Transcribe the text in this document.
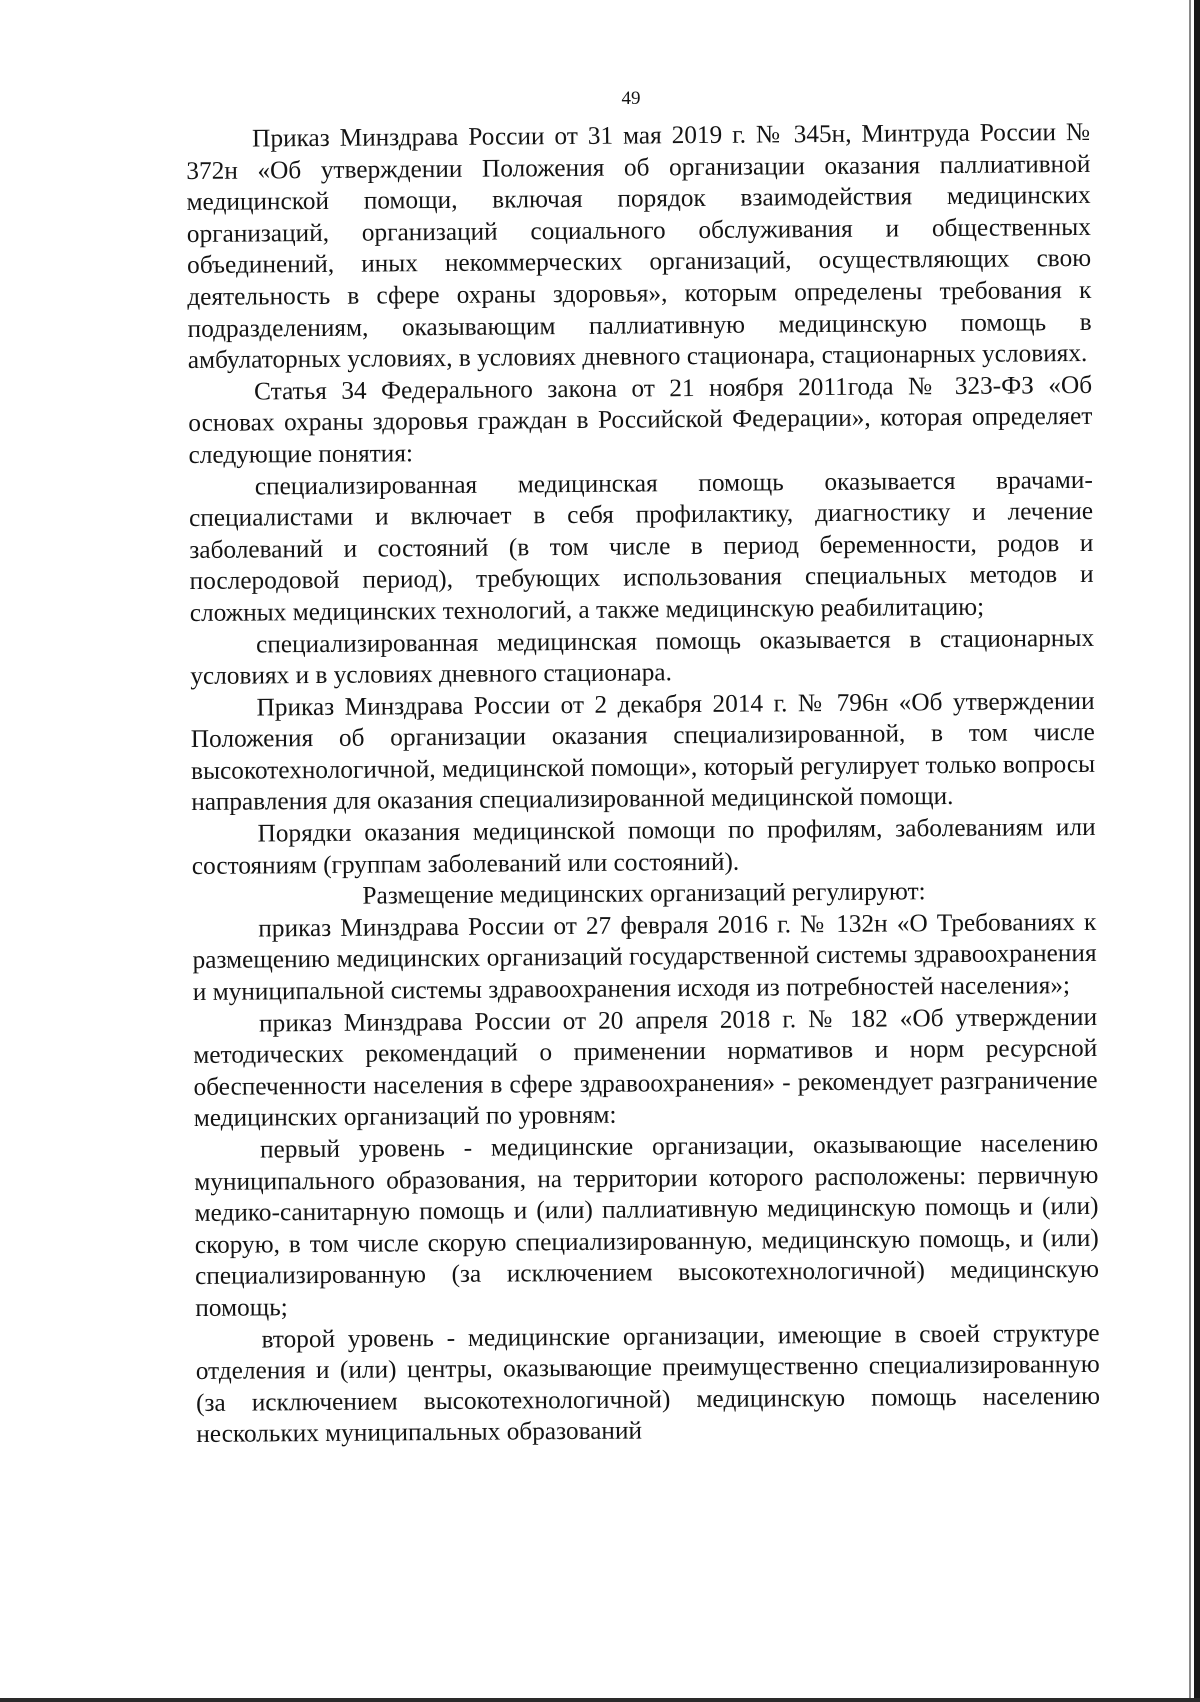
49

Приказ Минздрава России от 31 мая 2019 г. № 345н, Минтруда России № 372н «Об утверждении Положения об организации оказания паллиативной медицинской помощи, включая порядок взаимодействия медицинских организаций, организаций социального обслуживания и общественных объединений, иных некоммерческих организаций, осуществляющих свою деятельность в сфере охраны здоровья», которым определены требования к подразделениям, оказывающим паллиативную медицинскую помощь в амбулаторных условиях, в условиях дневного стационара, стационарных условиях.

Статья 34 Федерального закона от 21 ноября 2011года № 323-ФЗ «Об основах охраны здоровья граждан в Российской Федерации», которая определяет следующие понятия:

специализированная медицинская помощь оказывается врачами-специалистами и включает в себя профилактику, диагностику и лечение заболеваний и состояний (в том числе в период беременности, родов и послеродовой период), требующих использования специальных методов и сложных медицинских технологий, а также медицинскую реабилитацию;

специализированная медицинская помощь оказывается в стационарных условиях и в условиях дневного стационара.

Приказ Минздрава России от 2 декабря 2014 г. № 796н «Об утверждении Положения об организации оказания специализированной, в том числе высокотехнологичной, медицинской помощи», который регулирует только вопросы направления для оказания специализированной медицинской помощи.

Порядки оказания медицинской помощи по профилям, заболеваниям или состояниям (группам заболеваний или состояний).

Размещение медицинских организаций регулируют:

приказ Минздрава России от 27 февраля 2016 г. № 132н «О Требованиях к размещению медицинских организаций государственной системы здравоохранения и муниципальной системы здравоохранения исходя из потребностей населения»;

приказ Минздрава России от 20 апреля 2018 г. № 182 «Об утверждении методических рекомендаций о применении нормативов и норм ресурсной обеспеченности населения в сфере здравоохранения» - рекомендует разграничение медицинских организаций по уровням:

первый уровень - медицинские организации, оказывающие населению муниципального образования, на территории которого расположены: первичную медико-санитарную помощь и (или) паллиативную медицинскую помощь и (или) скорую, в том числе скорую специализированную, медицинскую помощь, и (или) специализированную (за исключением высокотехнологичной) медицинскую помощь;

второй уровень - медицинские организации, имеющие в своей структуре отделения и (или) центры, оказывающие преимущественно специализированную (за исключением высокотехнологичной) медицинскую помощь населению нескольких муниципальных образований
